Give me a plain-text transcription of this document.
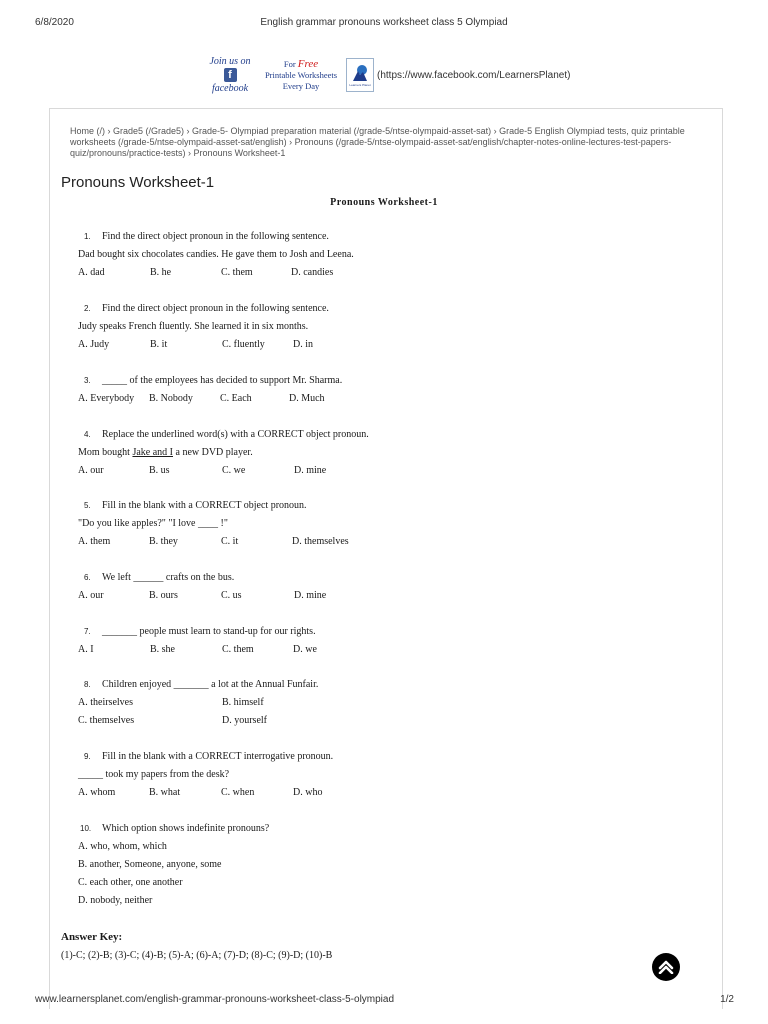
6/8/2020	English grammar pronouns worksheet class 5 Olympiad
Join us on
f
facebook
For Free
Printable Worksheets
Every Day	Learners Planet
(https://www.facebook.com/LearnersPlanet)
Home (/) › Grade5 (/Grade5) › Grade-5- Olympiad preparation material (/grade-5/ntse-olympaid-asset-sat) › Grade-5 English Olympiad tests, quiz printable worksheets (/grade-5/ntse-olympaid-asset-sat/english) › Pronouns (/grade-5/ntse-olympaid-asset-sat/english/chapter-notes-online-lectures-test-papers-quiz/pronouns/practice-tests) › Pronouns Worksheet-1
Pronouns Worksheet-1
Pronouns Worksheet-1
1. Find the direct object pronoun in the following sentence.
Dad bought six chocolates candies. He gave them to Josh and Leena.
A. dad	B. he	C. them	D. candies
2. Find the direct object pronoun in the following sentence.
Judy speaks French fluently. She learned it in six months.
A. Judy	B. it	C. fluently	D. in
3. _____ of the employees has decided to support Mr. Sharma.
A. Everybody B. Nobody	C. Each	D. Much
4. Replace the underlined word(s) with a CORRECT object pronoun.
Mom bought Jake and I a new DVD player.
A. our	B. us	C. we	D. mine
5. Fill in the blank with a CORRECT object pronoun.
"Do you like apples?" "I love ____ !"
A. them	B. they	C. it	D. themselves
6. We left ______ crafts on the bus.
A. our	B. ours	C. us	D. mine
7. _______ people must learn to stand-up for our rights.
A. I	B. she	C. them	D. we
8. Children enjoyed _______ a lot at the Annual Funfair.
A. theirselves	B. himself
C. themselves	D. yourself
9. Fill in the blank with a CORRECT interrogative pronoun.
_____ took my papers from the desk?
A. whom	B. what	C. when	D. who
10. Which option shows indefinite pronouns?
A. who, whom, which
B. another, Someone, anyone, some
C. each other, one another
D. nobody, neither
Answer Key:
(1)-C; (2)-B; (3)-C; (4)-B; (5)-A; (6)-A; (7)-D; (8)-C; (9)-D; (10)-B
www.learnersplanet.com/english-grammar-pronouns-worksheet-class-5-olympiad	1/2
